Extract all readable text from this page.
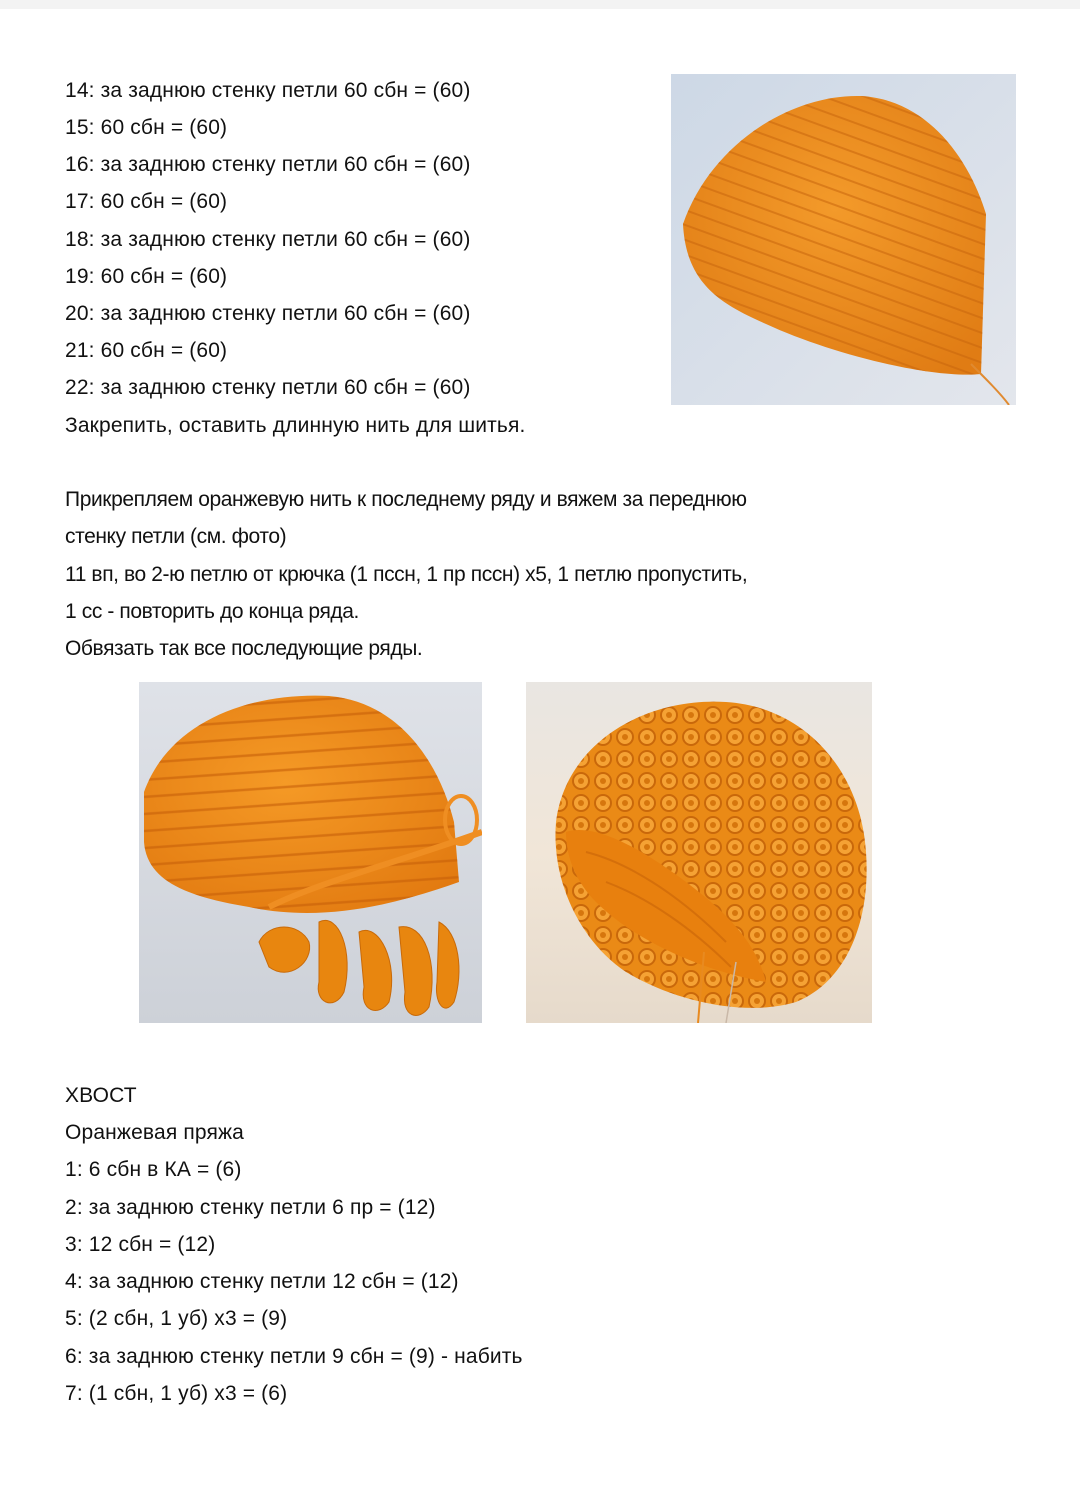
14: за заднюю стенку петли 60 сбн = (60)
15: 60 сбн = (60)
16: за заднюю стенку петли 60 сбн = (60)
17: 60 сбн = (60)
18: за заднюю стенку петли 60 сбн = (60)
19: 60 сбн = (60)
20: за заднюю стенку петли 60 сбн = (60)
21: 60 сбн = (60)
22: за заднюю стенку петли 60 сбн = (60)
Закрепить, оставить длинную нить для шитья.
Прикрепляем оранжевую нить к последнему ряду и вяжем за переднюю
стенку петли (см. фото)
11 вп, во 2-ю петлю от крючка (1 пссн, 1 пр пссн) х5, 1 петлю пропустить,
1 сс - повторить до конца ряда.
Обвязать так все последующие ряды.
ХВОСТ
Оранжевая пряжа
1: 6 сбн в КА = (6)
2: за заднюю стенку петли 6 пр = (12)
3: 12 сбн = (12)
4: за заднюю стенку петли 12 сбн = (12)
5: (2 сбн, 1 уб) х3 = (9)
6: за заднюю стенку петли 9 сбн = (9) - набить
7: (1 сбн, 1 уб) х3 = (6)
